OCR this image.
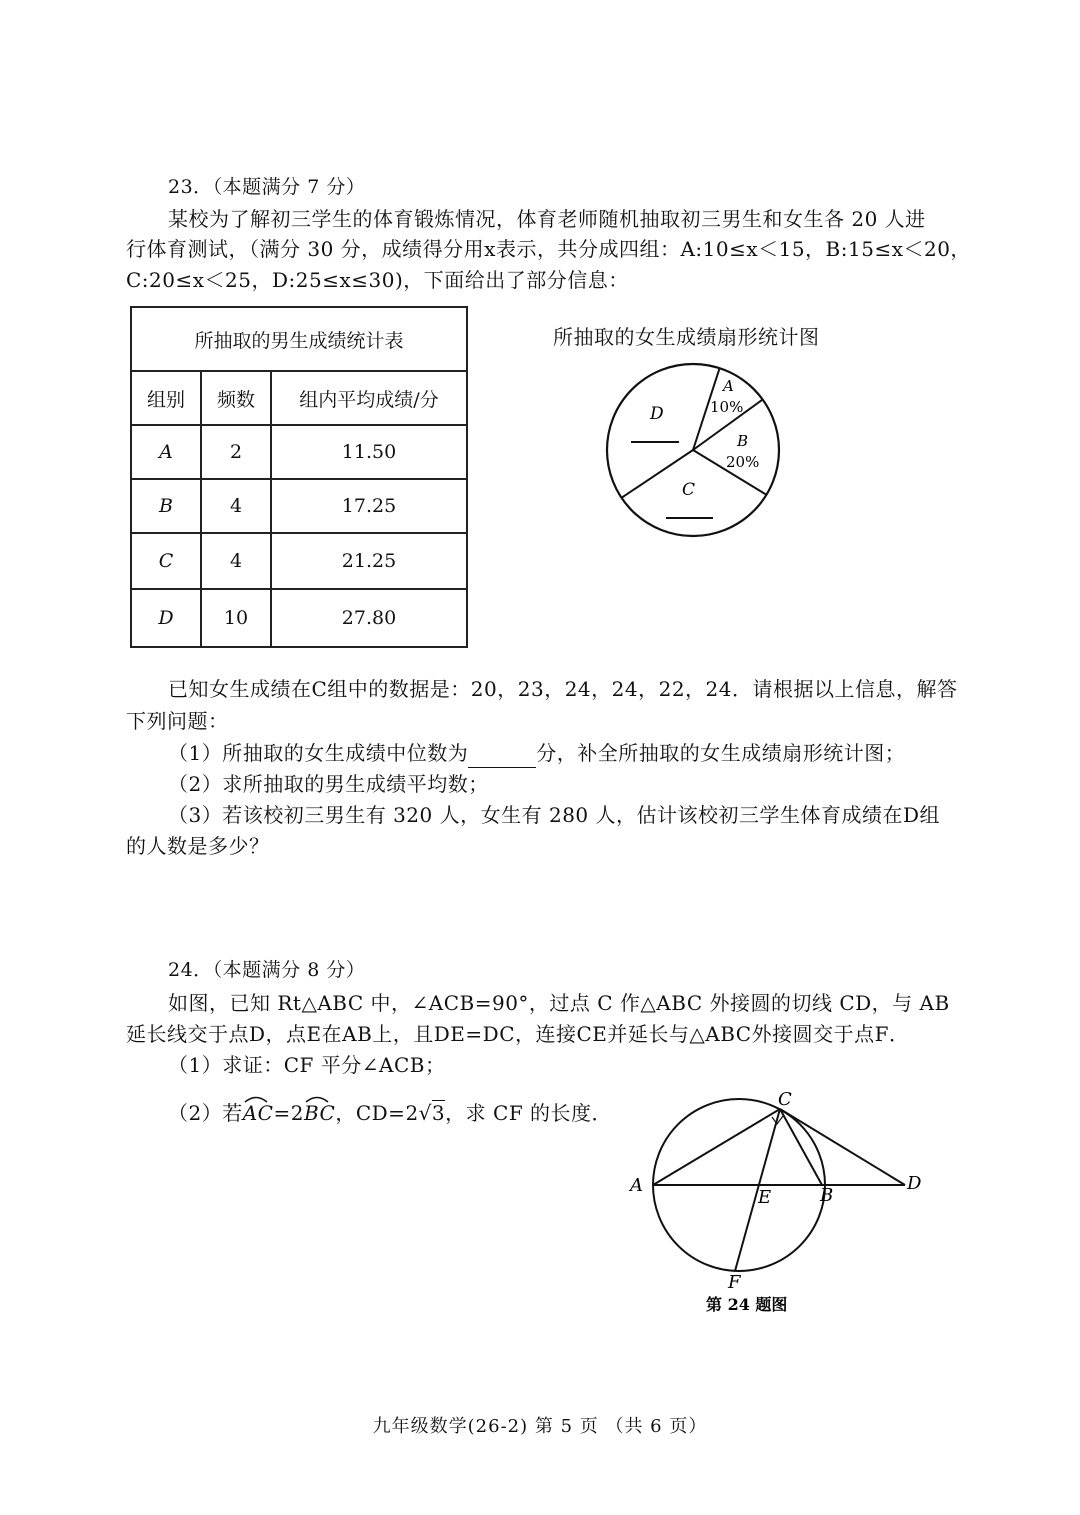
23．（本题满分 7 分）
某校为了解初三学生的体育锻炼情况，体育老师随机抽取初三男生和女生各 20 人进
行体育测试，（满分 30 分，成绩得分用x表示，共分成四组：A:10≤x＜15，B:15≤x＜20，
C:20≤x＜25，D:25≤x≤30)，下面给出了部分信息：
所抽取的男生成绩统计表		
组别	频数	组内平均成绩/分
A	2	11.50
B	4	17.25
C	4	21.25
D	10	27.80
所抽取的女生成绩扇形统计图
A
10%
B
20%
C
D
已知女生成绩在C组中的数据是：20，23，24，24，22，24．请根据以上信息，解答
下列问题：
（1）所抽取的女生成绩中位数为	分，补全所抽取的女生成绩扇形统计图；
（2）求所抽取的男生成绩平均数；
（3）若该校初三男生有 320 人，女生有 280 人，估计该校初三学生体育成绩在D组
的人数是多少？
24．（本题满分 8 分）
如图，已知 Rt△ABC 中，∠ACB=90°，过点 C 作△ABC 外接圆的切线 CD，与 AB
延长线交于点D，点E在AB上，且DE=DC，连接CE并延长与△ABC外接圆交于点F．
（1）求证：CF 平分∠ACB；
（2）若
AC=2
BC，CD=2√3，求 CF 的长度．
A	B
C
D
E
F
第 24 题图
九年级数学(26-2) 第 5 页 （共 6 页）
